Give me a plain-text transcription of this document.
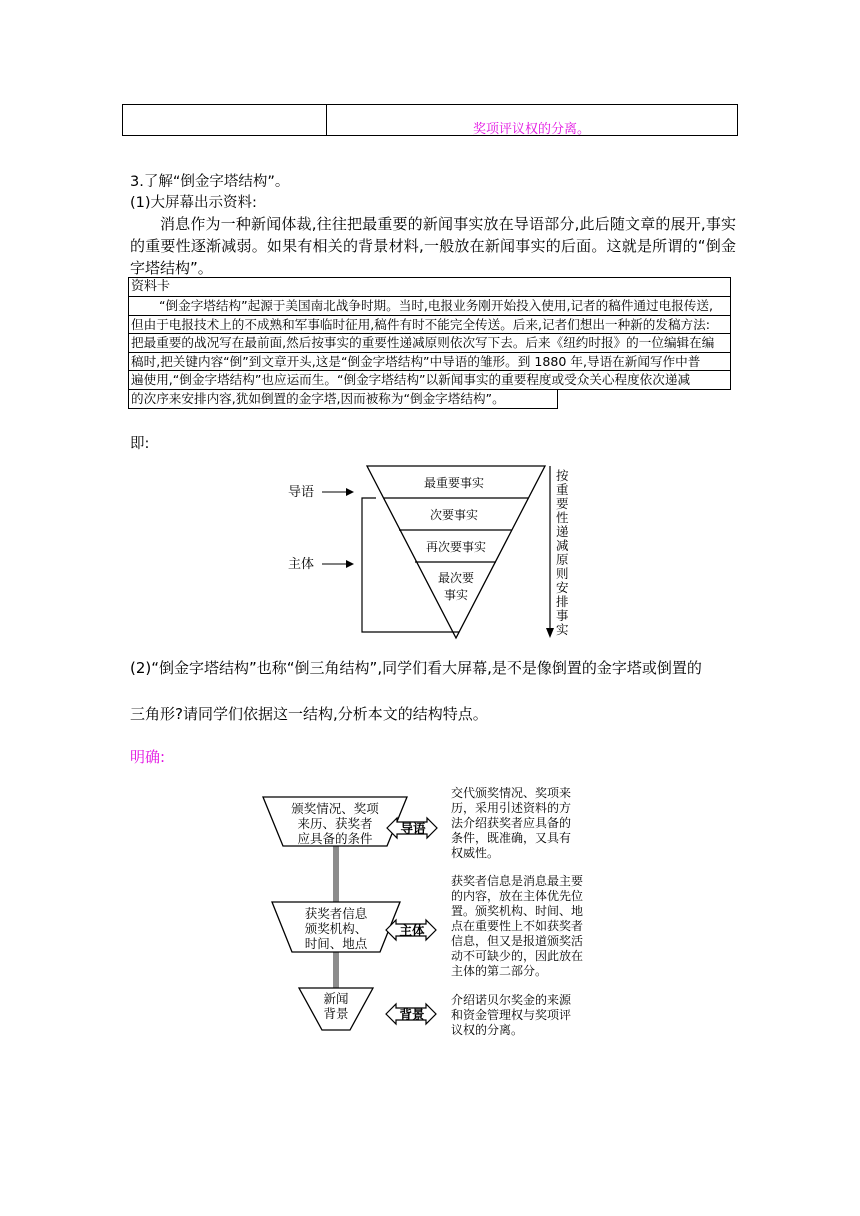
奖项评议权的分离。
3.了解“倒金字塔结构”。
(1)大屏幕出示资料:
消息作为一种新闻体裁,往往把最重要的新闻事实放在导语部分,此后随文章的展开,事实的重要性逐渐减弱。如果有相关的背景材料,一般放在新闻事实的后面。这就是所谓的“倒金字塔结构”。
资料卡
“倒金字塔结构”起源于美国南北战争时期。当时,电报业务刚开始投入使用,记者的稿件通过电报传送,
但由于电报技术上的不成熟和军事临时征用,稿件有时不能完全传送。后来,记者们想出一种新的发稿方法:
把最重要的战况写在最前面,然后按事实的重要性递减原则依次写下去。后来《纽约时报》的一位编辑在编
稿时,把关键内容“倒”到文章开头,这是“倒金字塔结构”中导语的雏形。到 1880 年,导语在新闻写作中普
遍使用,“倒金字塔结构”也应运而生。“倒金字塔结构”以新闻事实的重要程度或受众关心程度依次递减
的次序来安排内容,犹如倒置的金字塔,因而被称为“倒金字塔结构”。
即:
导语
主体
最重要事实
次要事实
再次要事实
最次要
事实
按
重
要
性
递
减
原
则
安
排
事
实
(2)“倒金字塔结构”也称“倒三角结构”,同学们看大屏幕,是不是像倒置的金字塔或倒置的
三角形?请同学们依据这一结构,分析本文的结构特点。
明确:
颁奖情况、奖项
来历、获奖者
应具备的条件
获奖者信息
颁奖机构、
时间、地点
新闻
背景
导语
主体
背景
交代颁奖情况、奖项来
历，采用引述资料的方
法介绍获奖者应具备的
条件，既准确，又具有
权威性。
获奖者信息是消息最主要
的内容，放在主体优先位
置。颁奖机构、时间、地
点在重要性上不如获奖者
信息，但又是报道颁奖活
动不可缺少的，因此放在
主体的第二部分。
介绍诺贝尔奖金的来源
和资金管理权与奖项评
议权的分离。
